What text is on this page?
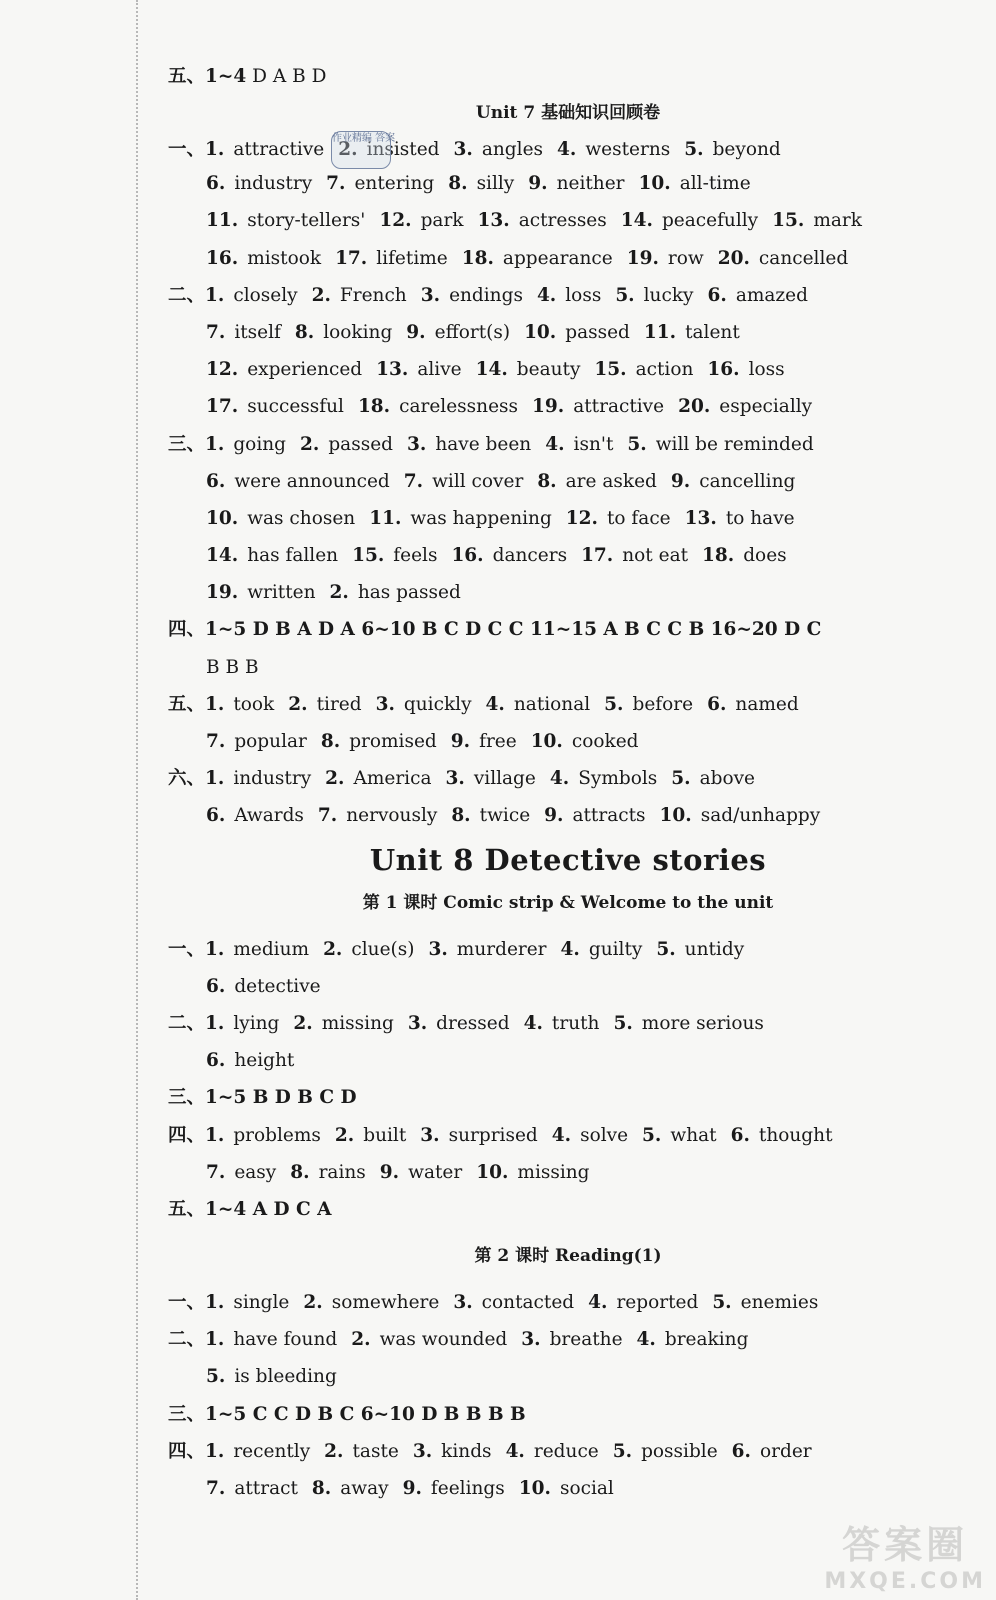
五、1~4 D A B D
Unit 7 基础知识回顾卷
一、1. attractive 2. insisted 3. angles 4. westerns 5. beyond
作业精编 答案
6. industry 7. entering 8. silly 9. neither 10. all-time
11. story-tellers' 12. park 13. actresses 14. peacefully 15. mark
16. mistook 17. lifetime 18. appearance 19. row 20. cancelled
二、1. closely 2. French 3. endings 4. loss 5. lucky 6. amazed
7. itself 8. looking 9. effort(s) 10. passed 11. talent
12. experienced 13. alive 14. beauty 15. action 16. loss
17. successful 18. carelessness 19. attractive 20. especially
三、1. going 2. passed 3. have been 4. isn't 5. will be reminded
6. were announced 7. will cover 8. are asked 9. cancelling
10. was chosen 11. was happening 12. to face 13. to have
14. has fallen 15. feels 16. dancers 17. not eat 18. does
19. written 2. has passed
四、1~5 D B A D A 6~10 B C D C C 11~15 A B C C B 16~20 D C
B B B
五、1. took 2. tired 3. quickly 4. national 5. before 6. named
7. popular 8. promised 9. free 10. cooked
六、1. industry 2. America 3. village 4. Symbols 5. above
6. Awards 7. nervously 8. twice 9. attracts 10. sad/unhappy
Unit 8 Detective stories
第 1 课时 Comic strip & Welcome to the unit
一、1. medium 2. clue(s) 3. murderer 4. guilty 5. untidy
6. detective
二、1. lying 2. missing 3. dressed 4. truth 5. more serious
6. height
三、1~5 B D B C D
四、1. problems 2. built 3. surprised 4. solve 5. what 6. thought
7. easy 8. rains 9. water 10. missing
五、1~4 A D C A
第 2 课时 Reading(1)
一、1. single 2. somewhere 3. contacted 4. reported 5. enemies
二、1. have found 2. was wounded 3. breathe 4. breaking
5. is bleeding
三、1~5 C C D B C 6~10 D B B B B
四、1. recently 2. taste 3. kinds 4. reduce 5. possible 6. order
7. attract 8. away 9. feelings 10. social
答案圈
MXQE.COM
